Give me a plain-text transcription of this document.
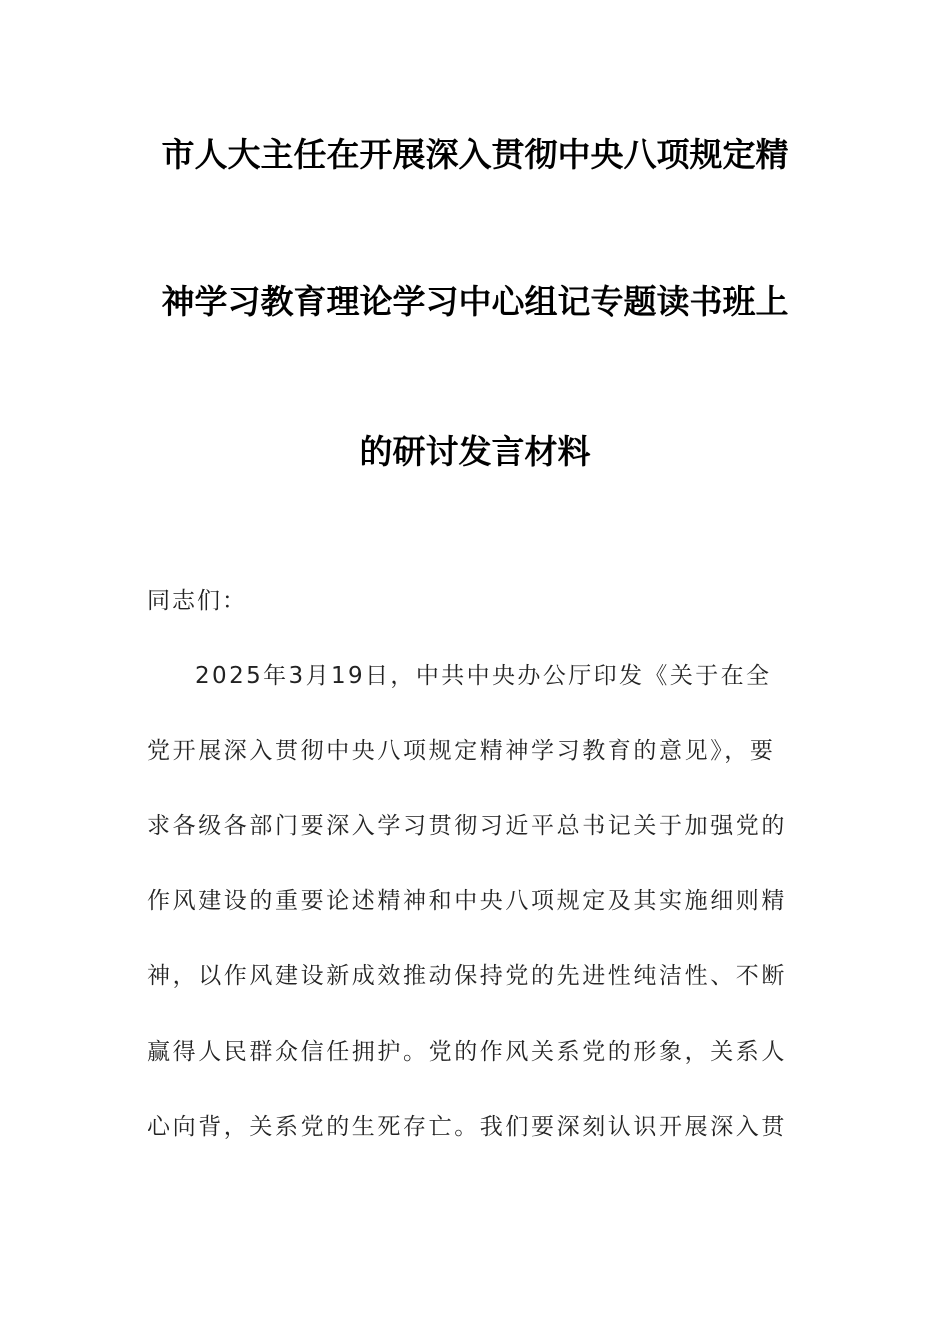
市人大主任在开展深入贯彻中央八项规定精
神学习教育理论学习中心组记专题读书班上
的研讨发言材料
同志们：
2025年3月19日，中共中央办公厅印发《关于在全
党开展深入贯彻中央八项规定精神学习教育的意见》，要
求各级各部门要深入学习贯彻习近平总书记关于加强党的
作风建设的重要论述精神和中央八项规定及其实施细则精
神，以作风建设新成效推动保持党的先进性纯洁性、不断
赢得人民群众信任拥护。党的作风关系党的形象，关系人
心向背，关系党的生死存亡。我们要深刻认识开展深入贯
